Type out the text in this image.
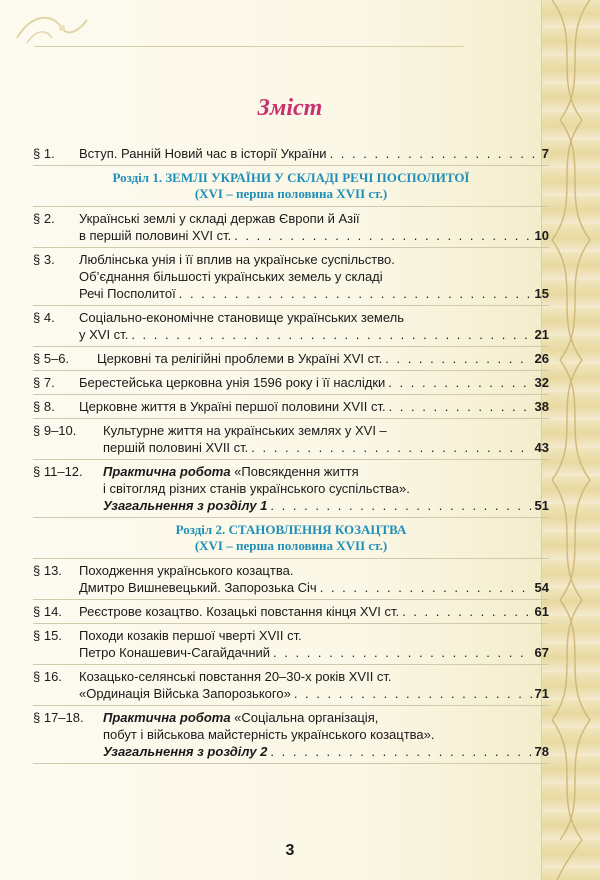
Зміст
§ 1. Вступ. Ранній Новий час в історії України . . .	7
Розділ 1. ЗЕМЛІ УКРАЇНИ У СКЛАДІ РЕЧІ ПОСПОЛИТОЇ
(XVI – перша половина XVII ст.)
§ 2. Українські землі у складі держав Європи й Азії
в першій половині XVI ст. . . .	10
§ 3. Люблінська унія і її вплив на українське суспільство.
Об’єднання більшості українських земель у складі
Речі Посполитої . . .	15
§ 4. Соціально-економічне становище українських земель
у XVI ст. . . .	21
§ 5–6. Церковні та релігійні проблеми в Україні XVI ст. . . .	26
§ 7. Берестейська церковна унія 1596 року і її наслідки . . .	32
§ 8. Церковне життя в Україні першої половини XVII ст. . . .	38
§ 9–10. Культурне життя на українських землях у XVI –
першій половині XVII ст. . . .	43
§ 11–12. Практична робота «Повсякдення життя
і світогляд різних станів українського суспільства».
Узагальнення з розділу 1 . . .	51
Розділ 2. СТАНОВЛЕННЯ КОЗАЦТВА
(XVI – перша половина XVII ст.)
§ 13. Походження українського козацтва.
Дмитро Вишневецький. Запорозька Січ . . .	54
§ 14. Реєстрове козацтво. Козацькі повстання кінця XVI ст. . . .	61
§ 15. Походи козаків першої чверті XVII ст.
Петро Конашевич-Сагайдачний . . .	67
§ 16. Козацько-селянські повстання 20–30-х років XVII ст.
«Ординація Війська Запорозького» . . .	71
§ 17–18. Практична робота «Соціальна організація,
побут і військова майстерність українського козацтва».
Узагальнення з розділу 2 . . .	78
3
